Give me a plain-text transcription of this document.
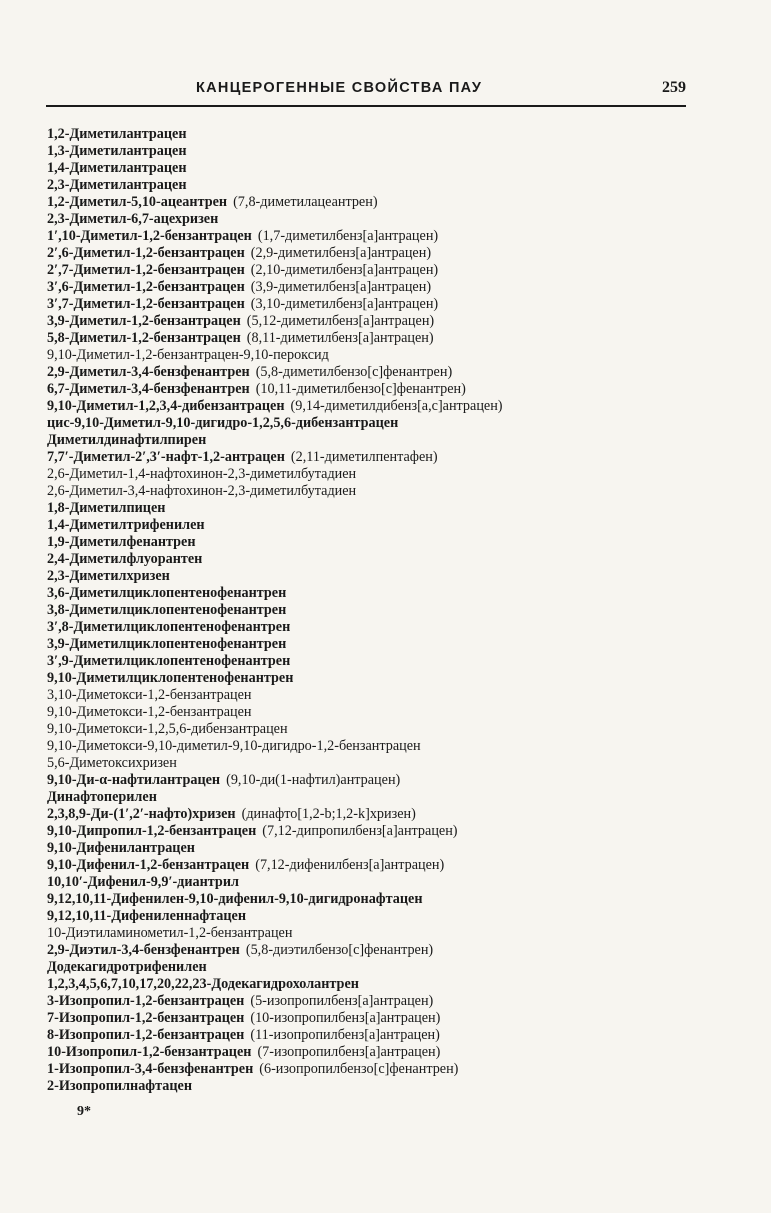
КАНЦЕРОГЕННЫЕ СВОЙСТВА ПАУ	259
1,2-Диметилантрацен
1,3-Диметилантрацен
1,4-Диметилантрацен
2,3-Диметилантрацен
1,2-Диметил-5,10-ацеантрен (7,8-диметилацеантрен)
2,3-Диметил-6,7-ацехризен
1′,10-Диметил-1,2-бензантрацен (1,7-диметилбенз[a]антрацен)
2′,6-Диметил-1,2-бензантрацен (2,9-диметилбенз[a]антрацен)
2′,7-Диметил-1,2-бензантрацен (2,10-диметилбенз[a]антрацен)
3′,6-Диметил-1,2-бензантрацен (3,9-диметилбенз[a]антрацен)
3′,7-Диметил-1,2-бензантрацен (3,10-диметилбенз[a]антрацен)
3,9-Диметил-1,2-бензантрацен (5,12-диметилбенз[a]антрацен)
5,8-Диметил-1,2-бензантрацен (8,11-диметилбенз[a]антрацен)
9,10-Диметил-1,2-бензантрацен-9,10-пероксид
2,9-Диметил-3,4-бензфенантрен (5,8-диметилбензо[c]фенантрен)
6,7-Диметил-3,4-бензфенантрен (10,11-диметилбензо[c]фенантрен)
9,10-Диметил-1,2,3,4-дибензантрацен (9,14-диметилдибенз[a,c]антрацен)
цис-9,10-Диметил-9,10-дигидро-1,2,5,6-дибензантрацен
Диметилдинафтилпирен
7,7′-Диметил-2′,3′-нафт-1,2-антрацен (2,11-диметилпентафен)
2,6-Диметил-1,4-нафтохинон-2,3-диметилбутадиен
2,6-Диметил-3,4-нафтохинон-2,3-диметилбутадиен
1,8-Диметилпицен
1,4-Диметилтрифенилен
1,9-Диметилфенантрен
2,4-Диметилфлуорантен
2,3-Диметилхризен
3,6-Диметилциклопентенофенантрен
3,8-Диметилциклопентенофенантрен
3′,8-Диметилциклопентенофенантрен
3,9-Диметилциклопентенофенантрен
3′,9-Диметилциклопентенофенантрен
9,10-Диметилциклопентенофенантрен
3,10-Диметокси-1,2-бензантрацен
9,10-Диметокси-1,2-бензантрацен
9,10-Диметокси-1,2,5,6-дибензантрацен
9,10-Диметокси-9,10-диметил-9,10-дигидро-1,2-бензантрацен
5,6-Диметоксихризен
9,10-Ди-α-нафтилантрацен (9,10-ди(1-нафтил)антрацен)
Динафтоперилен
2,3,8,9-Ди-(1′,2′-нафто)хризен (динафто[1,2-b;1,2-k]хризен)
9,10-Дипропил-1,2-бензантрацен (7,12-дипропилбенз[a]антрацен)
9,10-Дифенилантрацен
9,10-Дифенил-1,2-бензантрацен (7,12-дифенилбенз[a]антрацен)
10,10′-Дифенил-9,9′-диантрил
9,12,10,11-Дифенилен-9,10-дифенил-9,10-дигидронафтацен
9,12,10,11-Дифениленнафтацен
10-Диэтиламинометил-1,2-бензантрацен
2,9-Диэтил-3,4-бензфенантрен (5,8-диэтилбензо[c]фенантрен)
Додекагидротрифенилен
1,2,3,4,5,6,7,10,17,20,22,23-Додекагидрохолантрен
3-Изопропил-1,2-бензантрацен (5-изопропилбенз[a]антрацен)
7-Изопропил-1,2-бензантрацен (10-изопропилбенз[a]антрацен)
8-Изопропил-1,2-бензантрацен (11-изопропилбенз[a]антрацен)
10-Изопропил-1,2-бензантрацен (7-изопропилбенз[a]антрацен)
1-Изопропил-3,4-бензфенантрен (6-изопропилбензо[c]фенантрен)
2-Изопропилнафтацен
9*
